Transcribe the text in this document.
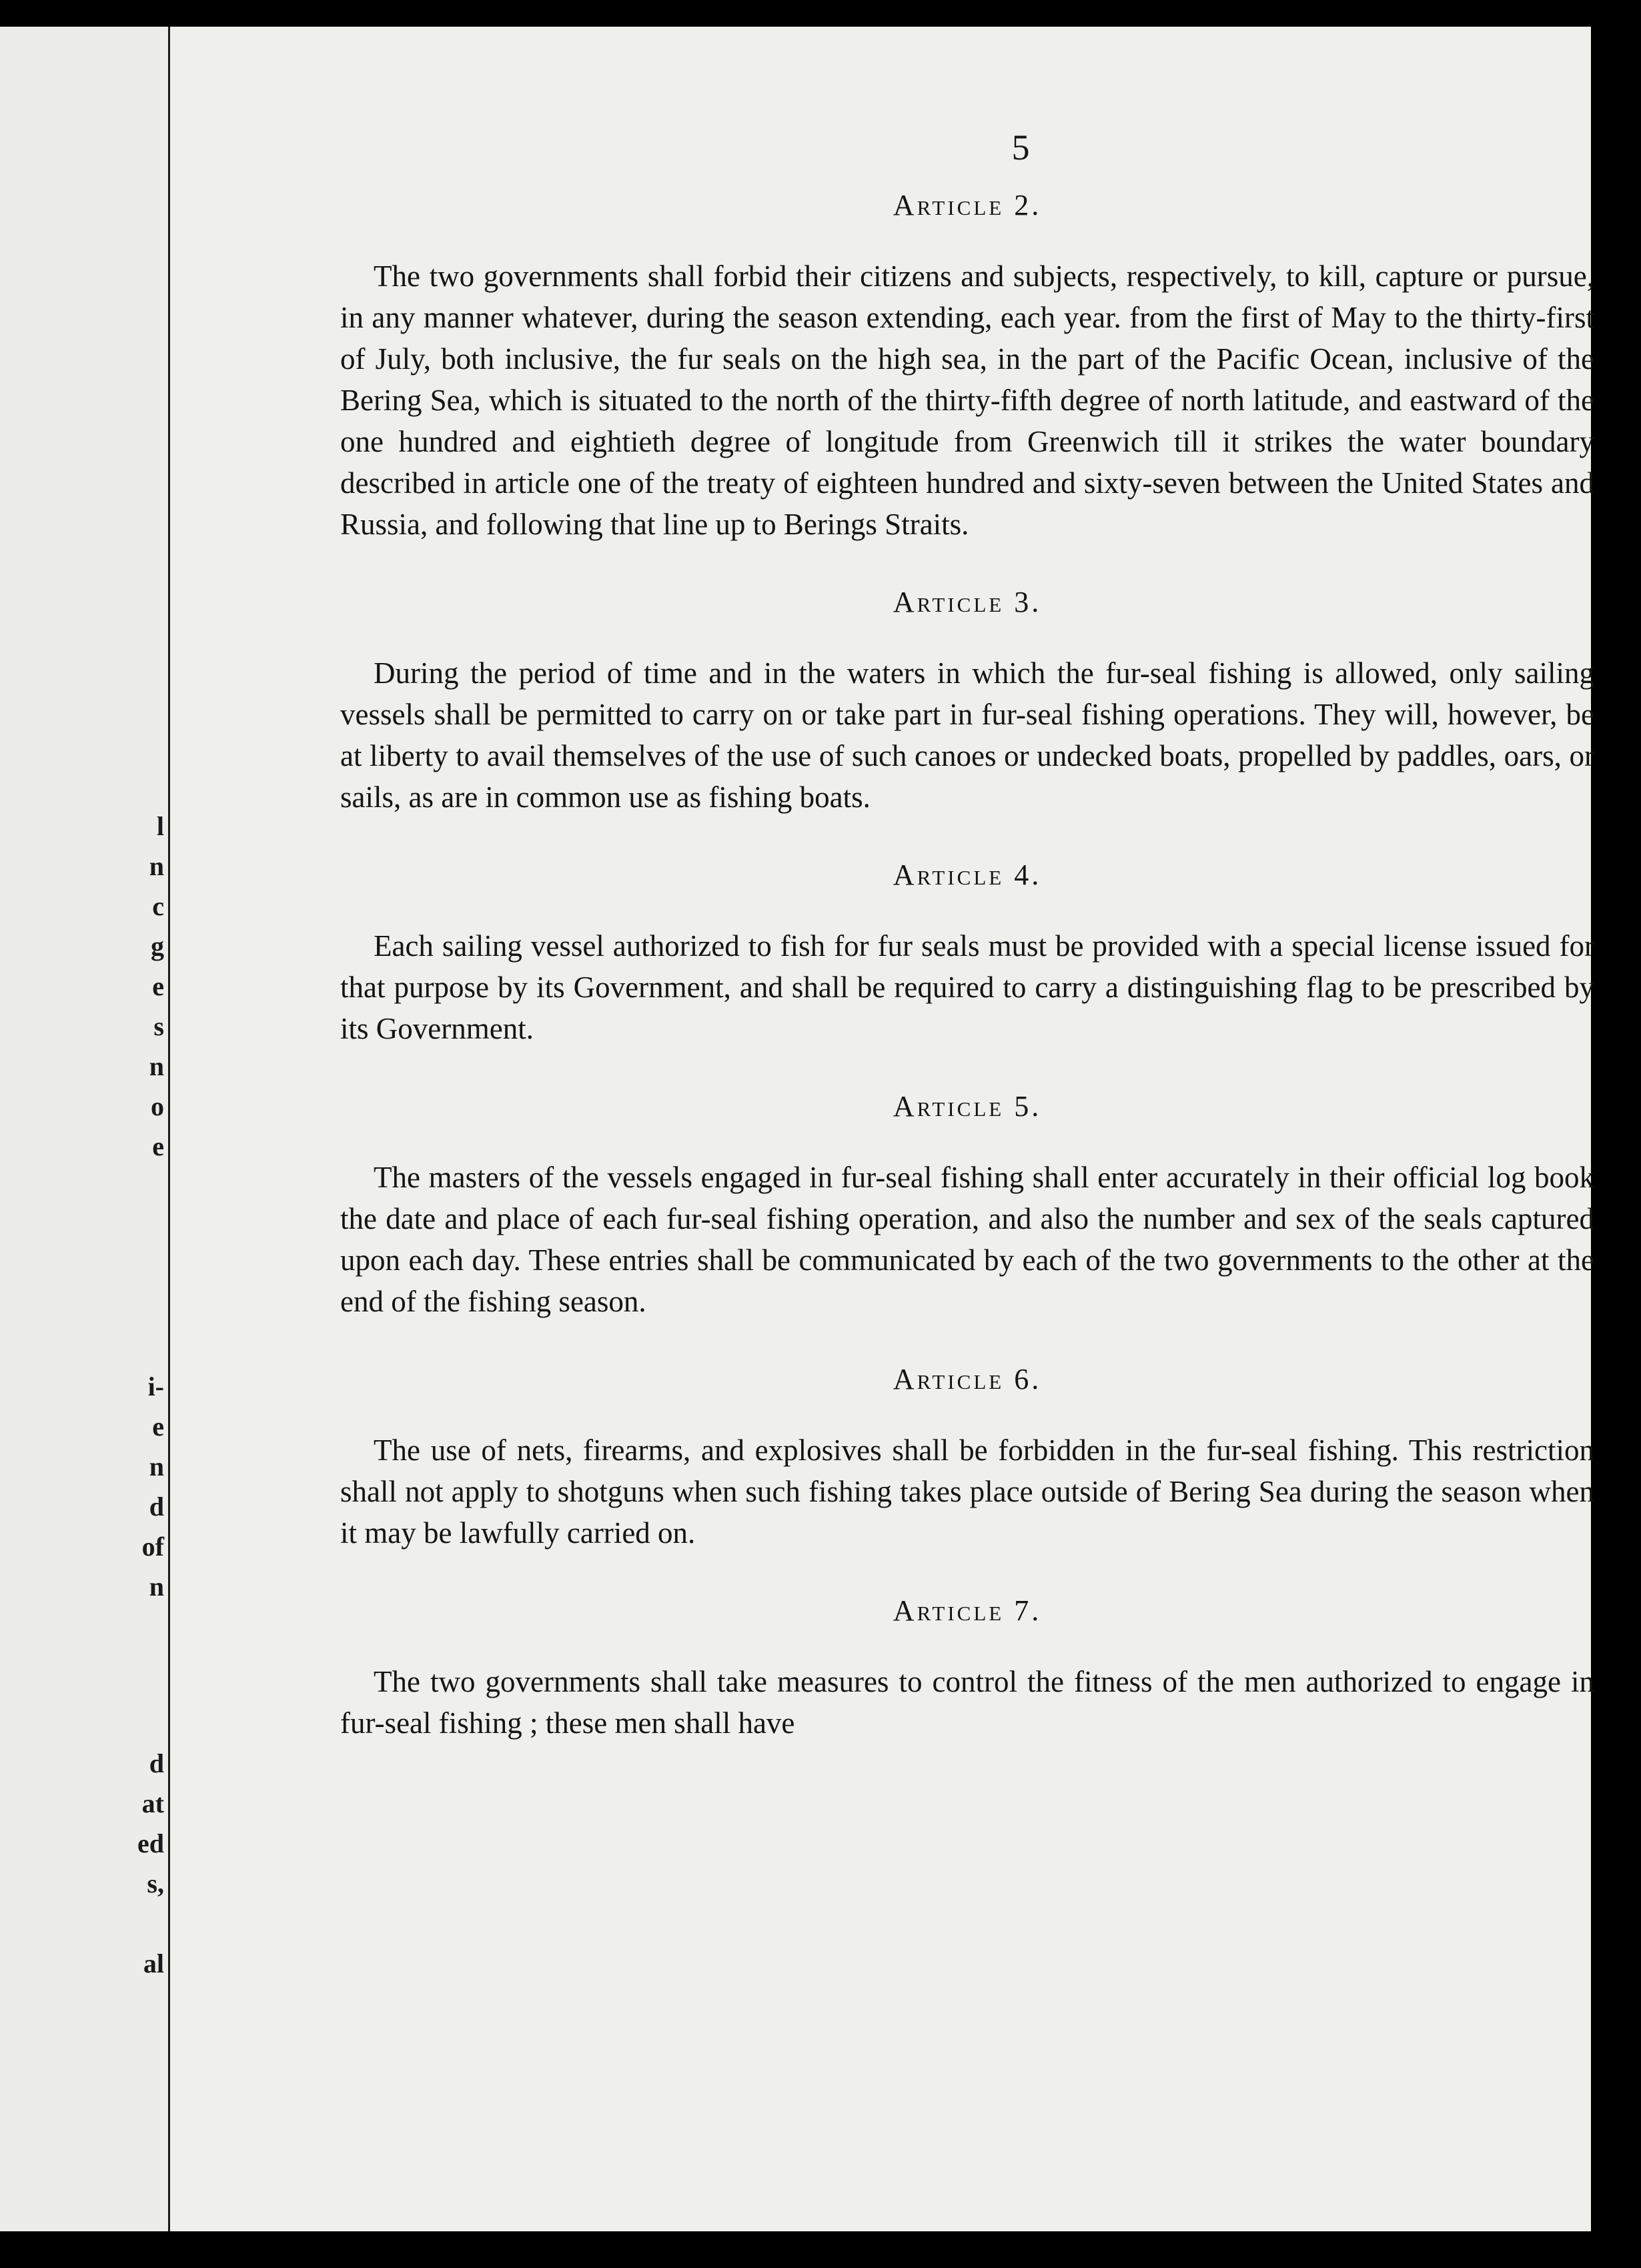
l
n
c
g
e
s
n
o
e
i-
e
n
d
of
n
d
at
ed
s,
al
5
Article 2.

The two governments shall forbid their citizens and subjects, respectively, to kill, capture or pursue, in any manner whatever, during the season extending, each year. from the first of May to the thirty-first of July, both inclusive, the fur seals on the high sea, in the part of the Pacific Ocean, inclusive of the Bering Sea, which is situated to the north of the thirty-fifth degree of north latitude, and eastward of the one hundred and eightieth degree of longitude from Greenwich till it strikes the water boundary described in article one of the treaty of eighteen hundred and sixty-seven between the United States and Russia, and following that line up to Berings Straits.

Article 3.

During the period of time and in the waters in which the fur-seal fishing is allowed, only sailing vessels shall be permitted to carry on or take part in fur-seal fishing operations. They will, however, be at liberty to avail themselves of the use of such canoes or undecked boats, propelled by paddles, oars, or sails, as are in common use as fishing boats.

Article 4.

Each sailing vessel authorized to fish for fur seals must be provided with a special license issued for that purpose by its Government, and shall be required to carry a distinguishing flag to be prescribed by its Government.

Article 5.

The masters of the vessels engaged in fur-seal fishing shall enter accurately in their official log book the date and place of each fur-seal fishing operation, and also the number and sex of the seals captured upon each day. These entries shall be communicated by each of the two governments to the other at the end of the fishing season.

Article 6.

The use of nets, firearms, and explosives shall be forbidden in the fur-seal fishing. This restriction shall not apply to shotguns when such fishing takes place outside of Bering Sea during the season when it may be lawfully carried on.

Article 7.

The two governments shall take measures to control the fitness of the men authorized to engage in fur-seal fishing ; these men shall have
